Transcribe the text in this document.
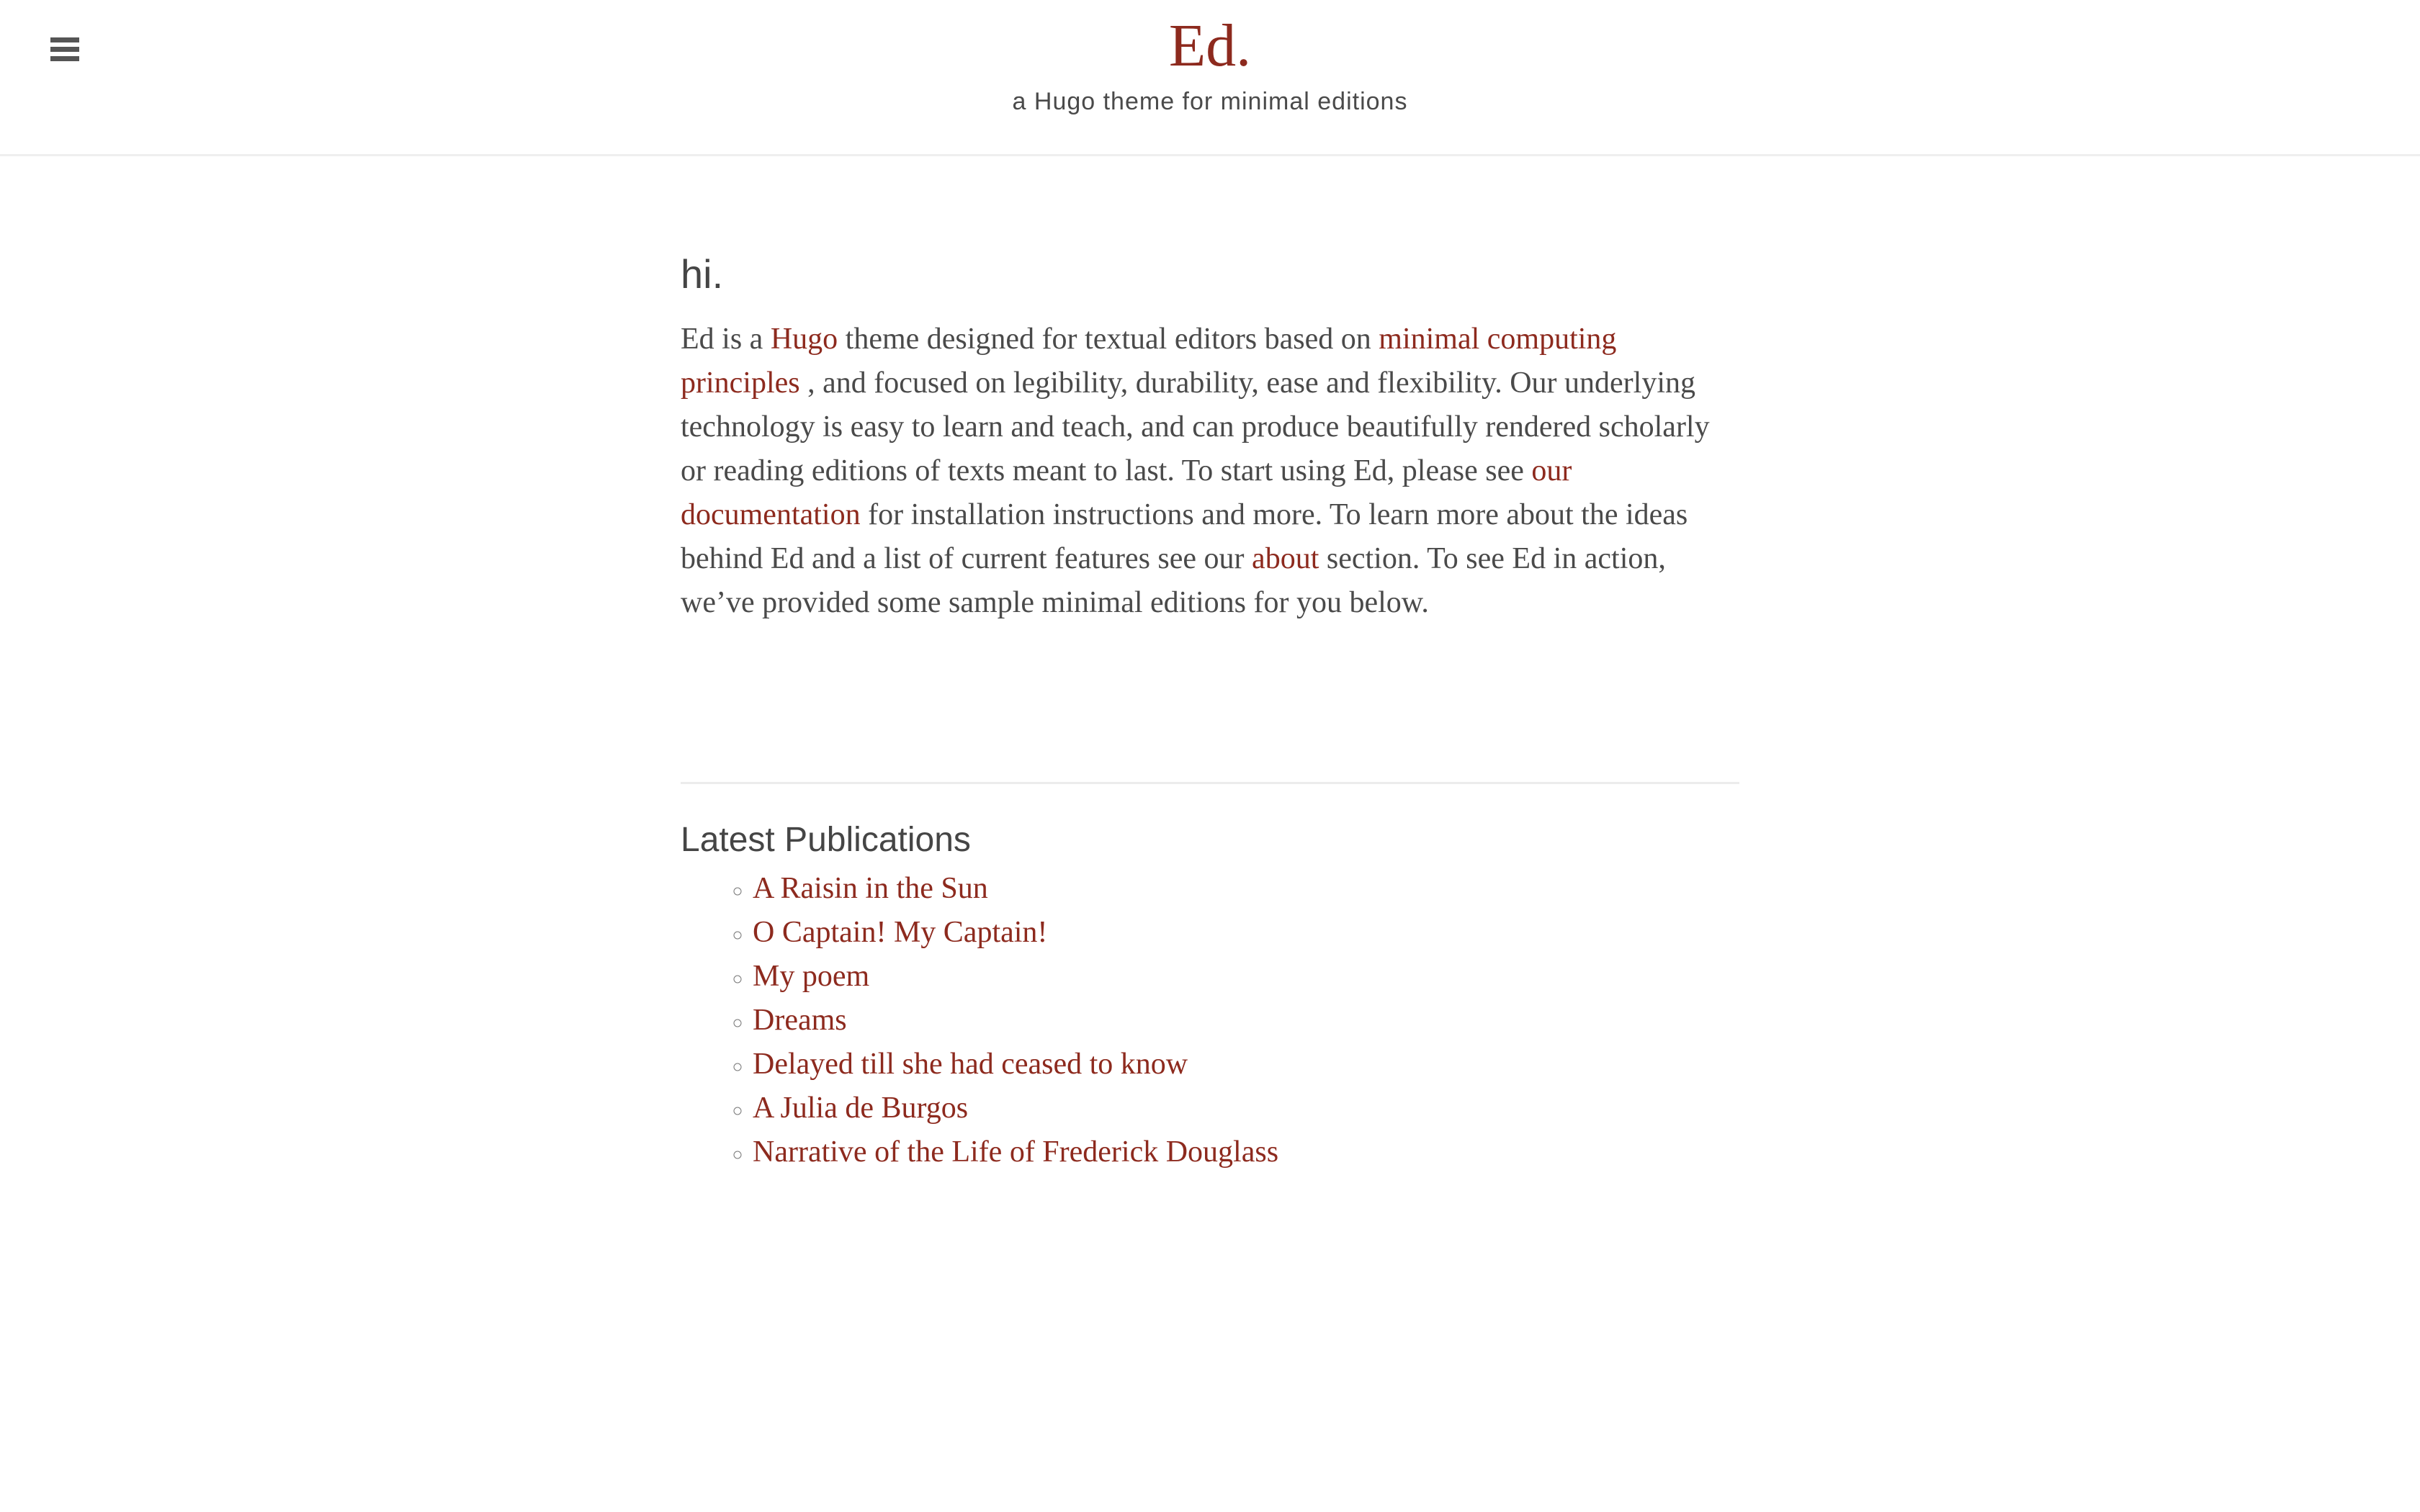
Ed.
a Hugo theme for minimal editions
hi.

Ed is a Hugo theme designed for textual editors based on minimal computing principles , and focused on legibility, durability, ease and flexibility. Our underlying technology is easy to learn and teach, and can produce beautifully rendered scholarly or reading editions of texts meant to last. To start using Ed, please see our documentation for installation instructions and more. To learn more about the ideas behind Ed and a list of current features see our about section. To see Ed in action, we’ve provided some sample minimal editions for you below.

Latest Publications
◦ A Raisin in the Sun
◦ O Captain! My Captain!
◦ My poem
◦ Dreams
◦ Delayed till she had ceased to know
◦ A Julia de Burgos
◦ Narrative of the Life of Frederick Douglass
